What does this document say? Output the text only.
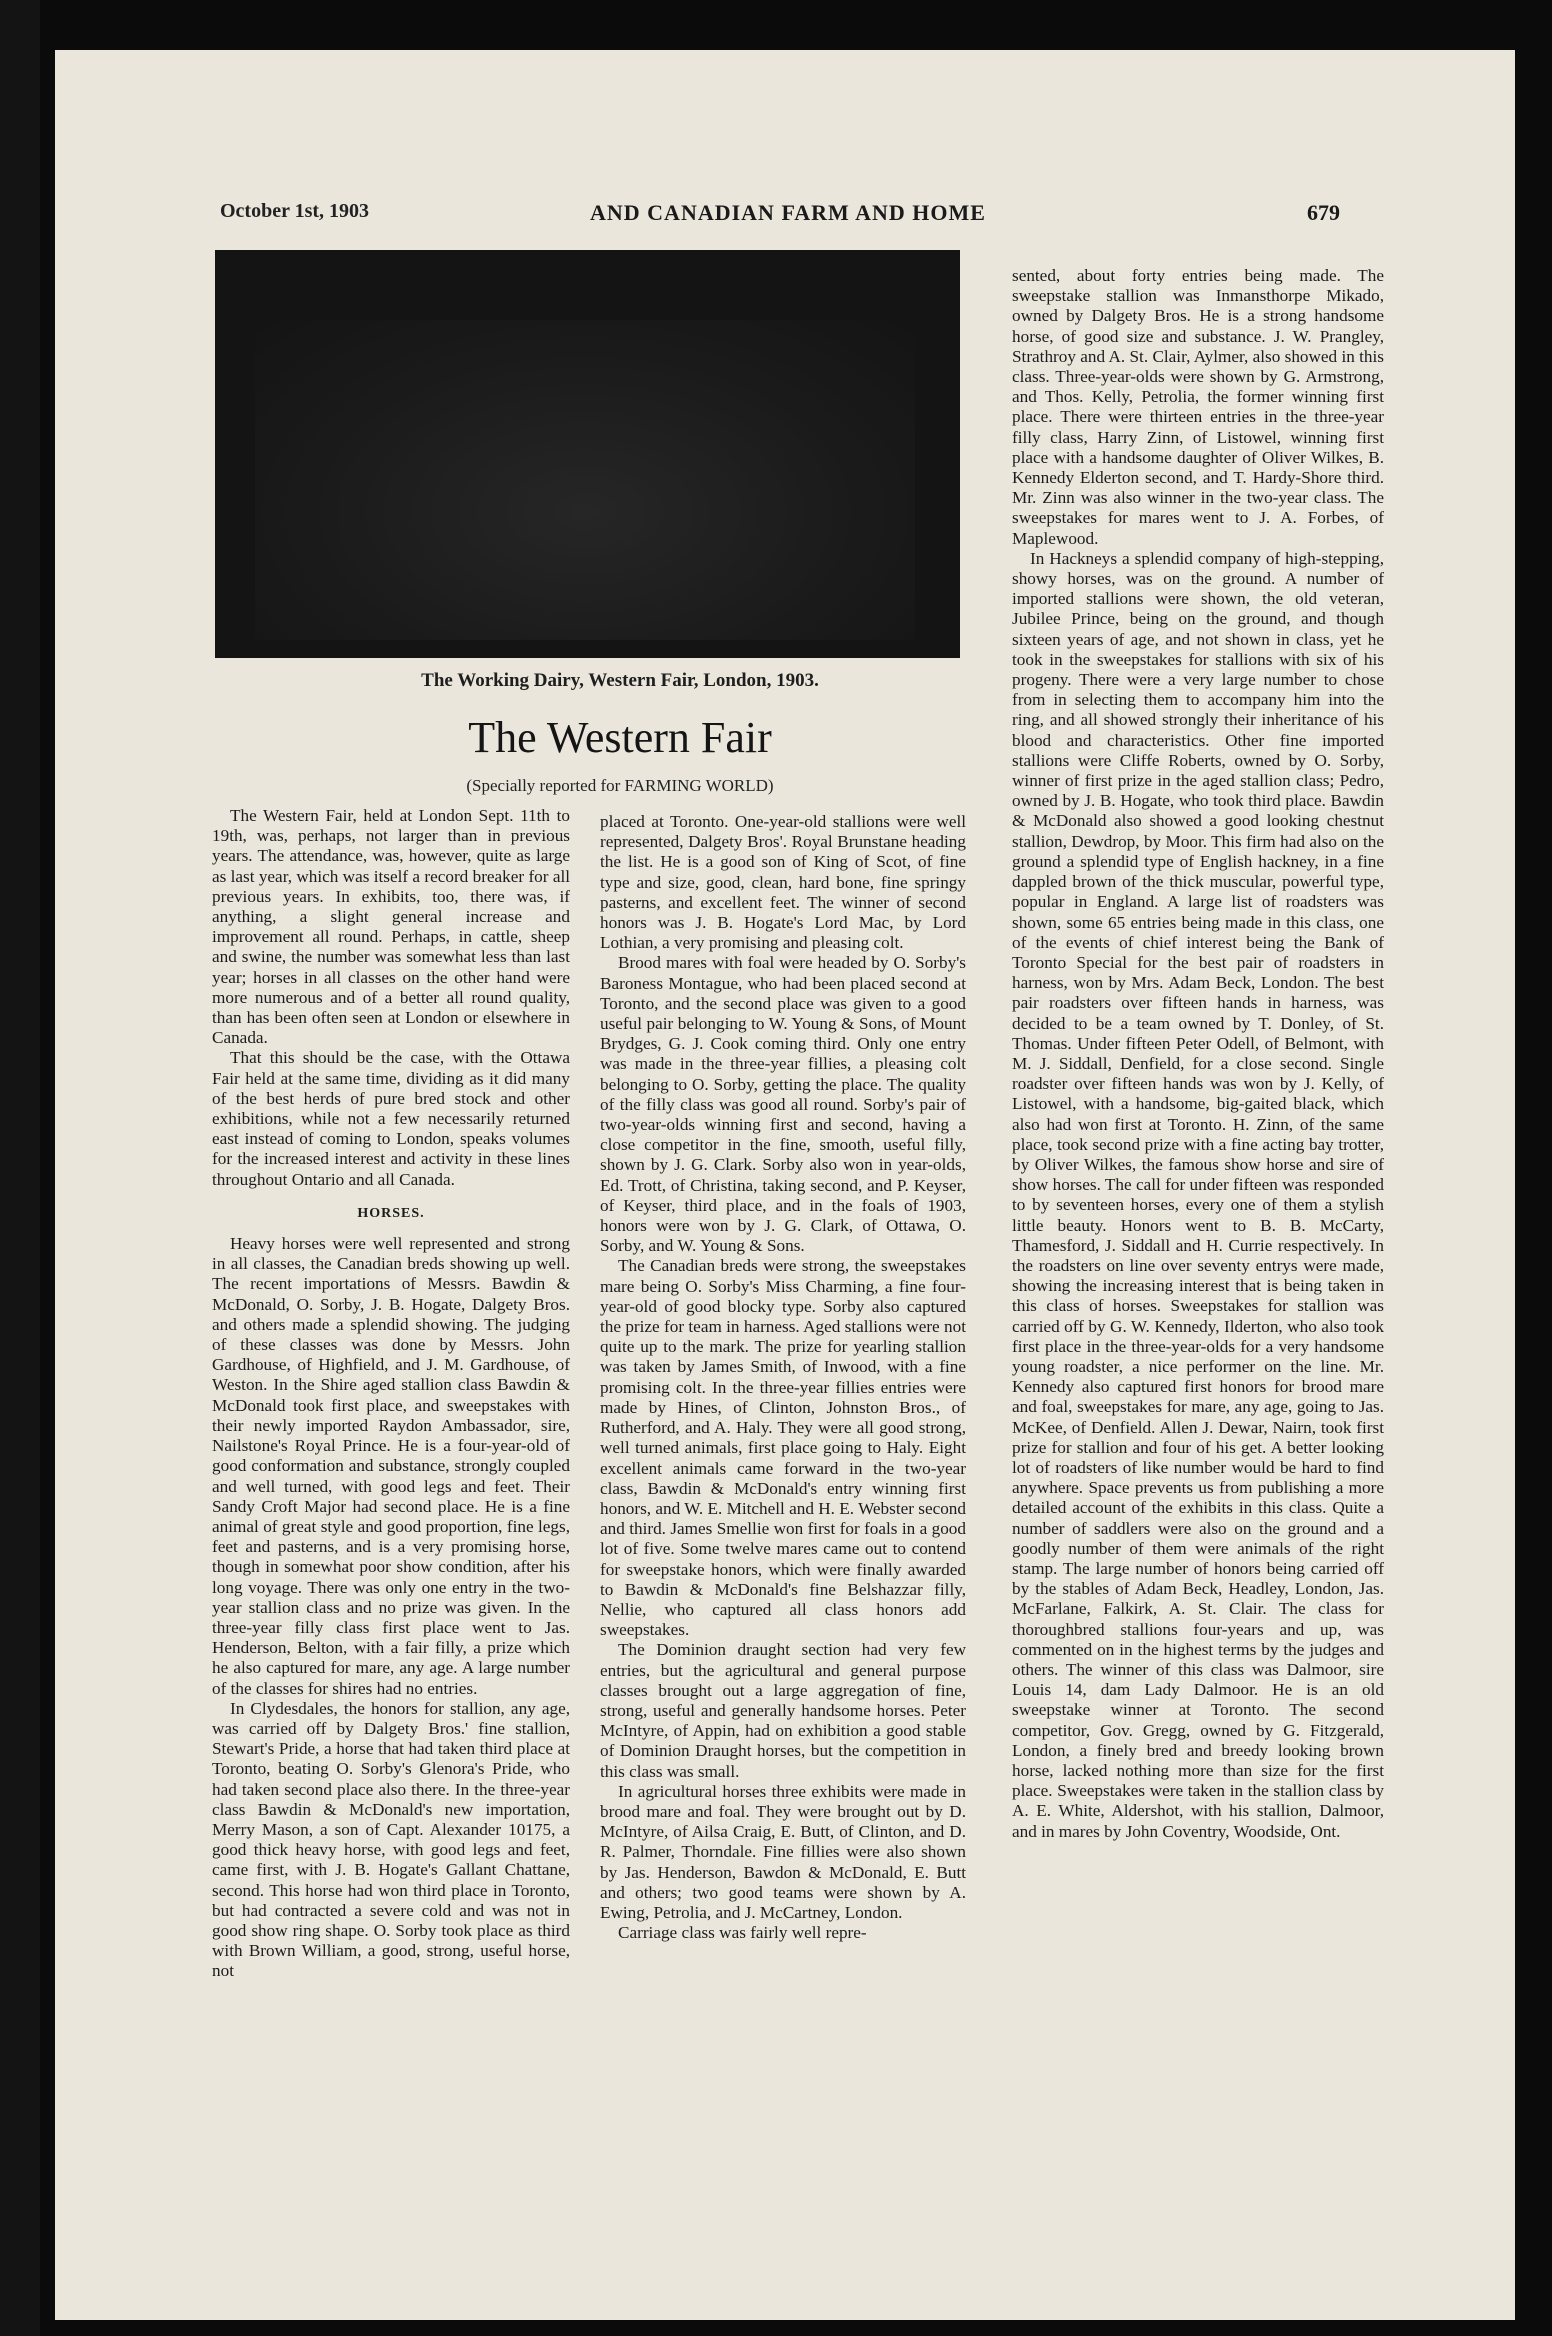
October 1st, 1903	AND CANADIAN FARM AND HOME	679
The Working Dairy, Western Fair, London, 1903.
The Western Fair
(Specially reported for FARMING WORLD)

The Western Fair, held at London Sept. 11th to 19th, was, perhaps, not larger than in previous years. The attendance, was, however, quite as large as last year, which was itself a record breaker for all previous years. In exhibits, too, there was, if anything, a slight general increase and improvement all round. Perhaps, in cattle, sheep and swine, the number was somewhat less than last year; horses in all classes on the other hand were more numerous and of a better all round quality, than has been often seen at London or elsewhere in Canada.

That this should be the case, with the Ottawa Fair held at the same time, dividing as it did many of the best herds of pure bred stock and other exhibitions, while not a few necessarily returned east instead of coming to London, speaks volumes for the increased interest and activity in these lines throughout Ontario and all Canada.

HORSES.

Heavy horses were well represented and strong in all classes, the Canadian breds showing up well. The recent importations of Messrs. Bawdin & McDonald, O. Sorby, J. B. Hogate, Dalgety Bros. and others made a splendid showing. The judging of these classes was done by Messrs. John Gardhouse, of Highfield, and J. M. Gardhouse, of Weston. In the Shire aged stallion class Bawdin & McDonald took first place, and sweepstakes with their newly imported Raydon Ambassador, sire, Nailstone's Royal Prince. He is a four-year-old of good conformation and substance, strongly coupled and well turned, with good legs and feet. Their Sandy Croft Major had second place. He is a fine animal of great style and good proportion, fine legs, feet and pasterns, and is a very promising horse, though in somewhat poor show condition, after his long voyage. There was only one entry in the two-year stallion class and no prize was given. In the three-year filly class first place went to Jas. Henderson, Belton, with a fair filly, a prize which he also captured for mare, any age. A large number of the classes for shires had no entries.

In Clydesdales, the honors for stallion, any age, was carried off by Dalgety Bros.' fine stallion, Stewart's Pride, a horse that had taken third place at Toronto, beating O. Sorby's Glenora's Pride, who had taken second place also there. In the three-year class Bawdin & McDonald's new importation, Merry Mason, a son of Capt. Alexander 10175, a good thick heavy horse, with good legs and feet, came first, with J. B. Hogate's Gallant Chattane, second. This horse had won third place in Toronto, but had contracted a severe cold and was not in good show ring shape. O. Sorby took place as third with Brown William, a good, strong, useful horse, not

placed at Toronto. One-year-old stallions were well represented, Dalgety Bros'. Royal Brunstane heading the list. He is a good son of King of Scot, of fine type and size, good, clean, hard bone, fine springy pasterns, and excellent feet. The winner of second honors was J. B. Hogate's Lord Mac, by Lord Lothian, a very promising and pleasing colt.

Brood mares with foal were headed by O. Sorby's Baroness Montague, who had been placed second at Toronto, and the second place was given to a good useful pair belonging to W. Young & Sons, of Mount Brydges, G. J. Cook coming third. Only one entry was made in the three-year fillies, a pleasing colt belonging to O. Sorby, getting the place. The quality of the filly class was good all round. Sorby's pair of two-year-olds winning first and second, having a close competitor in the fine, smooth, useful filly, shown by J. G. Clark. Sorby also won in year-olds, Ed. Trott, of Christina, taking second, and P. Keyser, of Keyser, third place, and in the foals of 1903, honors were won by J. G. Clark, of Ottawa, O. Sorby, and W. Young & Sons.

The Canadian breds were strong, the sweepstakes mare being O. Sorby's Miss Charming, a fine four-year-old of good blocky type. Sorby also captured the prize for team in harness. Aged stallions were not quite up to the mark. The prize for yearling stallion was taken by James Smith, of Inwood, with a fine promising colt. In the three-year fillies entries were made by Hines, of Clinton, Johnston Bros., of Rutherford, and A. Haly. They were all good strong, well turned animals, first place going to Haly. Eight excellent animals came forward in the two-year class, Bawdin & McDonald's entry winning first honors, and W. E. Mitchell and H. E. Webster second and third. James Smellie won first for foals in a good lot of five. Some twelve mares came out to contend for sweepstake honors, which were finally awarded to Bawdin & McDonald's fine Belshazzar filly, Nellie, who captured all class honors add sweepstakes.

The Dominion draught section had very few entries, but the agricultural and general purpose classes brought out a large aggregation of fine, strong, useful and generally handsome horses. Peter McIntyre, of Appin, had on exhibition a good stable of Dominion Draught horses, but the competition in this class was small.

In agricultural horses three exhibits were made in brood mare and foal. They were brought out by D. McIntyre, of Ailsa Craig, E. Butt, of Clinton, and D. R. Palmer, Thorndale. Fine fillies were also shown by Jas. Henderson, Bawdon & McDonald, E. Butt and others; two good teams were shown by A. Ewing, Petrolia, and J. McCartney, London.

Carriage class was fairly well repre-

sented, about forty entries being made. The sweepstake stallion was Inmansthorpe Mikado, owned by Dalgety Bros. He is a strong handsome horse, of good size and substance. J. W. Prangley, Strathroy and A. St. Clair, Aylmer, also showed in this class. Three-year-olds were shown by G. Armstrong, and Thos. Kelly, Petrolia, the former winning first place. There were thirteen entries in the three-year filly class, Harry Zinn, of Listowel, winning first place with a handsome daughter of Oliver Wilkes, B. Kennedy Elderton second, and T. Hardy-Shore third. Mr. Zinn was also winner in the two-year class. The sweepstakes for mares went to J. A. Forbes, of Maplewood.

In Hackneys a splendid company of high-stepping, showy horses, was on the ground. A number of imported stallions were shown, the old veteran, Jubilee Prince, being on the ground, and though sixteen years of age, and not shown in class, yet he took in the sweepstakes for stallions with six of his progeny. There were a very large number to chose from in selecting them to accompany him into the ring, and all showed strongly their inheritance of his blood and characteristics. Other fine imported stallions were Cliffe Roberts, owned by O. Sorby, winner of first prize in the aged stallion class; Pedro, owned by J. B. Hogate, who took third place. Bawdin & McDonald also showed a good looking chestnut stallion, Dewdrop, by Moor. This firm had also on the ground a splendid type of English hackney, in a fine dappled brown of the thick muscular, powerful type, popular in England. A large list of roadsters was shown, some 65 entries being made in this class, one of the events of chief interest being the Bank of Toronto Special for the best pair of roadsters in harness, won by Mrs. Adam Beck, London. The best pair roadsters over fifteen hands in harness, was decided to be a team owned by T. Donley, of St. Thomas. Under fifteen Peter Odell, of Belmont, with M. J. Siddall, Denfield, for a close second. Single roadster over fifteen hands was won by J. Kelly, of Listowel, with a handsome, big-gaited black, which also had won first at Toronto. H. Zinn, of the same place, took second prize with a fine acting bay trotter, by Oliver Wilkes, the famous show horse and sire of show horses. The call for under fifteen was responded to by seventeen horses, every one of them a stylish little beauty. Honors went to B. B. McCarty, Thamesford, J. Siddall and H. Currie respectively. In the roadsters on line over seventy entrys were made, showing the increasing interest that is being taken in this class of horses. Sweepstakes for stallion was carried off by G. W. Kennedy, Ilderton, who also took first place in the three-year-olds for a very handsome young roadster, a nice performer on the line. Mr. Kennedy also captured first honors for brood mare and foal, sweepstakes for mare, any age, going to Jas. McKee, of Denfield. Allen J. Dewar, Nairn, took first prize for stallion and four of his get. A better looking lot of roadsters of like number would be hard to find anywhere. Space prevents us from publishing a more detailed account of the exhibits in this class. Quite a number of saddlers were also on the ground and a goodly number of them were animals of the right stamp. The large number of honors being carried off by the stables of Adam Beck, Headley, London, Jas. McFarlane, Falkirk, A. St. Clair. The class for thoroughbred stallions four-years and up, was commented on in the highest terms by the judges and others. The winner of this class was Dalmoor, sire Louis 14, dam Lady Dalmoor. He is an old sweepstake winner at Toronto. The second competitor, Gov. Gregg, owned by G. Fitzgerald, London, a finely bred and breedy looking brown horse, lacked nothing more than size for the first place. Sweepstakes were taken in the stallion class by A. E. White, Aldershot, with his stallion, Dalmoor, and in mares by John Coventry, Woodside, Ont.
